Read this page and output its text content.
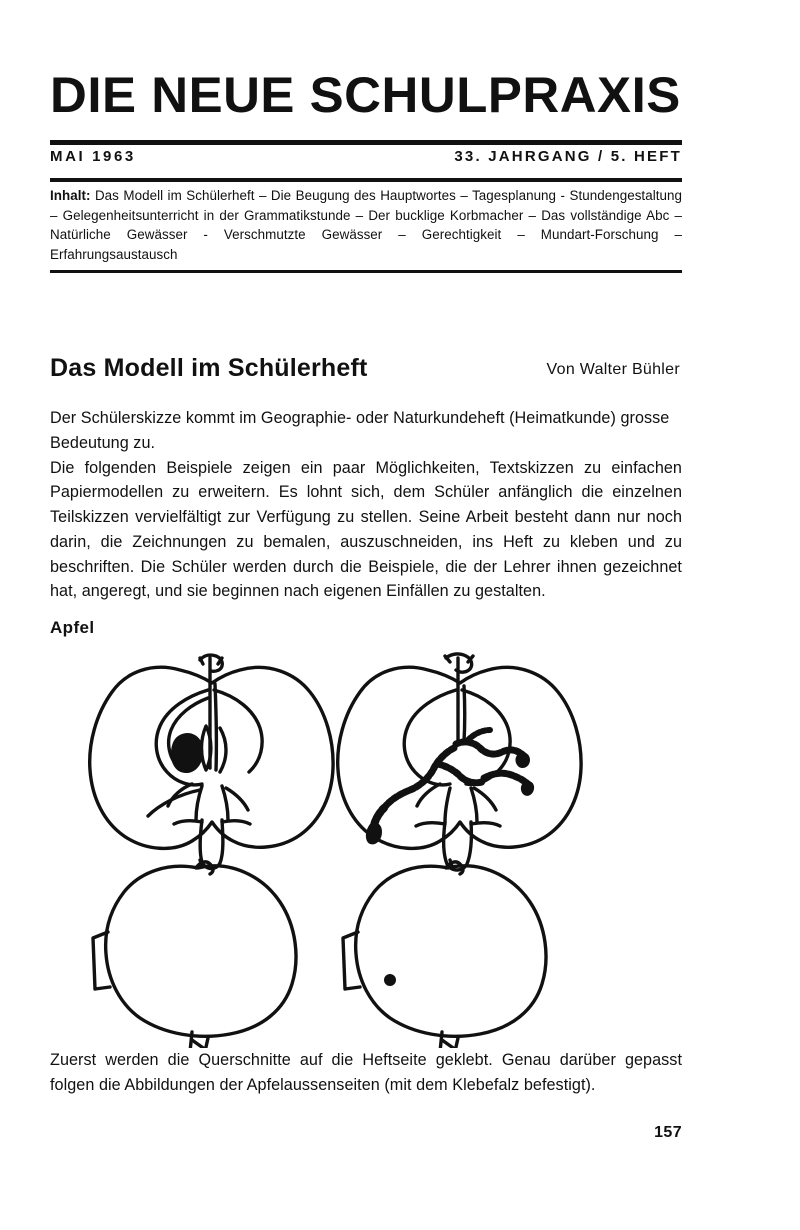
DIE NEUE SCHULPRAXIS
MAI 1963	33. JAHRGANG / 5. HEFT
Inhalt: Das Modell im Schülerheft – Die Beugung des Hauptwortes – Tagesplanung - Stundengestaltung – Gelegenheitsunterricht in der Grammatikstunde – Der bucklige Korbmacher – Das vollständige Abc – Natürliche Gewässer - Verschmutzte Gewässer – Gerechtigkeit – Mundart-Forschung – Erfahrungsaustausch
Das Modell im Schülerheft	Von Walter Bühler

Der Schülerskizze kommt im Geographie- oder Naturkundeheft (Heimatkunde) grosse Bedeutung zu.

Die folgenden Beispiele zeigen ein paar Möglichkeiten, Textskizzen zu einfachen Papiermodellen zu erweitern. Es lohnt sich, dem Schüler anfänglich die einzelnen Teilskizzen vervielfältigt zur Verfügung zu stellen. Seine Arbeit besteht dann nur noch darin, die Zeichnungen zu bemalen, auszuschneiden, ins Heft zu kleben und zu beschriften. Die Schüler werden durch die Beispiele, die der Lehrer ihnen gezeichnet hat, angeregt, und sie beginnen nach eigenen Einfällen zu gestalten.

Apfel

Zuerst werden die Querschnitte auf die Heftseite geklebt. Genau darüber gepasst folgen die Abbildungen der Apfelaussenseiten (mit dem Klebefalz befestigt).

157
